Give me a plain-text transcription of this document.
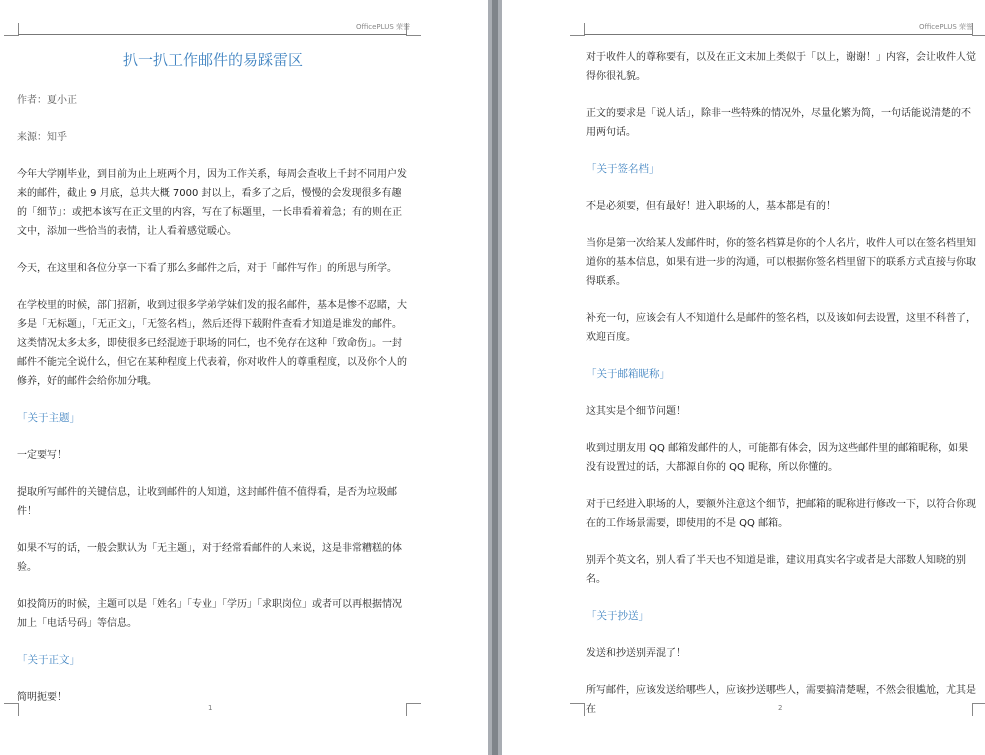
OfficePLUS 荣誉

扒一扒工作邮件的易踩雷区

作者：夏小正

来源：知乎

今年大学刚毕业，到目前为止上班两个月，因为工作关系，每周会查收上千封不同用户发来的邮件，截止 9 月底，总共大概 7000 封以上，看多了之后，慢慢的会发现很多有趣的「细节」：或把本该写在正文里的内容，写在了标题里，一长串看着着急；有的则在正文中，添加一些恰当的表情，让人看着感觉暖心。

今天，在这里和各位分享一下看了那么多邮件之后，对于「邮件写作」的所思与所学。

在学校里的时候，部门招新，收到过很多学弟学妹们发的报名邮件，基本是惨不忍睹，大多是「无标题」，「无正文」，「无签名档」，然后还得下载附件查看才知道是谁发的邮件。这类情况太多太多，即使很多已经混迹于职场的同仁，也不免存在这种「致命伤」。一封邮件不能完全说什么，但它在某种程度上代表着，你对收件人的尊重程度，以及你个人的修养，好的邮件会给你加分哦。

「关于主题」

一定要写！

提取所写邮件的关键信息，让收到邮件的人知道，这封邮件值不值得看，是否为垃圾邮件！

如果不写的话，一般会默认为「无主题」，对于经常看邮件的人来说，这是非常糟糕的体验。

如投简历的时候，主题可以是「姓名」「专业」「学历」「求职岗位」或者可以再根据情况加上「电话号码」等信息。

「关于正文」

简明扼要！

1
OfficePLUS 荣誉

对于收件人的尊称要有，以及在正文末加上类似于「以上，谢谢！」内容，会让收件人觉得你很礼貌。

正文的要求是「说人话」，除非一些特殊的情况外，尽量化繁为简，一句话能说清楚的不用两句话。

「关于签名档」

不是必须要，但有最好！进入职场的人，基本都是有的！

当你是第一次给某人发邮件时，你的签名档算是你的个人名片，收件人可以在签名档里知道你的基本信息，如果有进一步的沟通，可以根据你签名档里留下的联系方式直接与你取得联系。

补充一句，应该会有人不知道什么是邮件的签名档，以及该如何去设置，这里不科普了，欢迎百度。

「关于邮箱昵称」

这其实是个细节问题！

收到过朋友用 QQ 邮箱发邮件的人，可能都有体会，因为这些邮件里的邮箱昵称，如果没有设置过的话，大都源自你的 QQ 昵称，所以你懂的。

对于已经进入职场的人，要额外注意这个细节，把邮箱的昵称进行修改一下，以符合你现在的工作场景需要，即使用的不是 QQ 邮箱。

别弄个英文名，别人看了半天也不知道是谁，建议用真实名字或者是大部数人知晓的别名。

「关于抄送」

发送和抄送别弄混了！

所写邮件，应该发送给哪些人，应该抄送哪些人，需要搞清楚喔，不然会很尴尬，尤其是在	2
